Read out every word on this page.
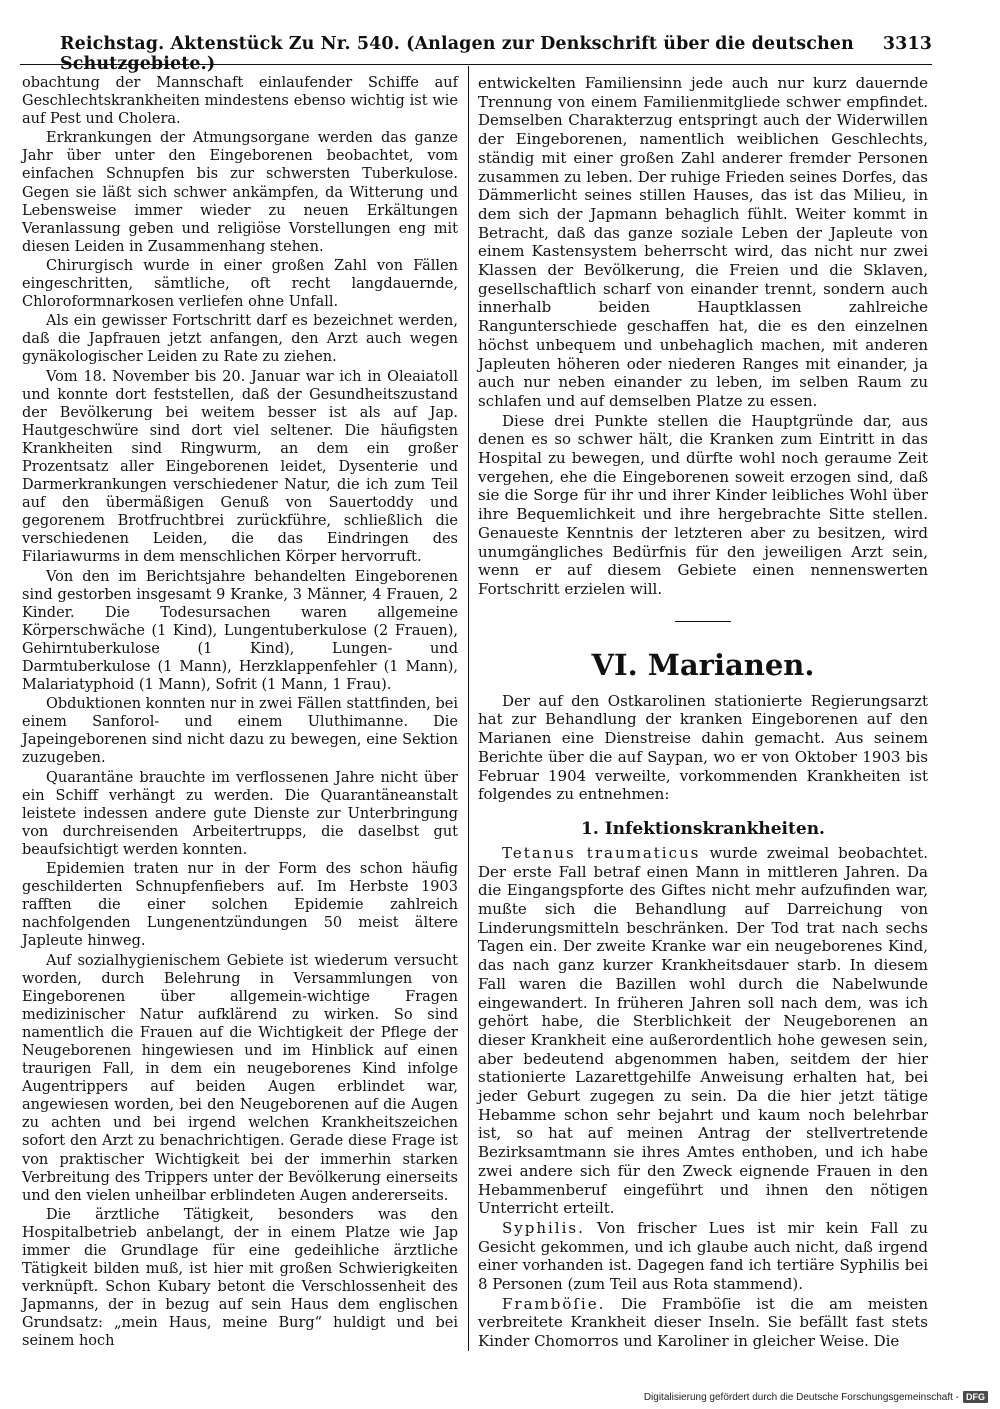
Reichstag. Aktenstück Zu Nr. 540. (Anlagen zur Denkschrift über die deutschen Schutzgebiete.)
3313

obachtung der Mannschaft einlaufender Schiffe auf Geschlechtskrankheiten mindestens ebenso wichtig ist wie auf Pest und Cholera.

Erkrankungen der Atmungsorgane werden das ganze Jahr über unter den Eingeborenen beobachtet, vom einfachen Schnupfen bis zur schwersten Tuberkulose. Gegen sie läßt sich schwer ankämpfen, da Witterung und Lebensweise immer wieder zu neuen Erkältungen Veranlassung geben und religiöse Vorstellungen eng mit diesen Leiden in Zusammenhang stehen.

Chirurgisch wurde in einer großen Zahl von Fällen eingeschritten, sämtliche, oft recht langdauernde, Chloroformnarkosen verliefen ohne Unfall.

Als ein gewisser Fortschritt darf es bezeichnet werden, daß die Japfrauen jetzt anfangen, den Arzt auch wegen gynäkologischer Leiden zu Rate zu ziehen.

Vom 18. November bis 20. Januar war ich in Oleaiatoll und konnte dort feststellen, daß der Gesundheitszustand der Bevölkerung bei weitem besser ist als auf Jap. Hautgeschwüre sind dort viel seltener. Die häufigsten Krankheiten sind Ringwurm, an dem ein großer Prozentsatz aller Eingeborenen leidet, Dysenterie und Darmerkrankungen verschiedener Natur, die ich zum Teil auf den übermäßigen Genuß von Sauertoddy und gegorenem Brotfruchtbrei zurückführe, schließlich die verschiedenen Leiden, die das Eindringen des Filariawurms in dem menschlichen Körper hervorruft.

Von den im Berichtsjahre behandelten Eingeborenen sind gestorben insgesamt 9 Kranke, 3 Männer, 4 Frauen, 2 Kinder. Die Todesursachen waren allgemeine Körperschwäche (1 Kind), Lungentuberkulose (2 Frauen), Gehirntuberkulose (1 Kind), Lungen- und Darmtuberkulose (1 Mann), Herzklappenfehler (1 Mann), Malariatyphoid (1 Mann), Sofrit (1 Mann, 1 Frau).

Obduktionen konnten nur in zwei Fällen stattfinden, bei einem Sanforol- und einem Uluthimanne. Die Japeingeborenen sind nicht dazu zu bewegen, eine Sektion zuzugeben.

Quarantäne brauchte im verflossenen Jahre nicht über ein Schiff verhängt zu werden. Die Quarantäneanstalt leistete indessen andere gute Dienste zur Unterbringung von durchreisenden Arbeitertrupps, die daselbst gut beaufsichtigt werden konnten.

Epidemien traten nur in der Form des schon häufig geschilderten Schnupfenfiebers auf. Im Herbste 1903 rafften die einer solchen Epidemie zahlreich nachfolgenden Lungenentzündungen 50 meist ältere Japleute hinweg.

Auf sozialhygienischem Gebiete ist wiederum versucht worden, durch Belehrung in Versammlungen von Eingeborenen über allgemein-wichtige Fragen medizinischer Natur aufklärend zu wirken. So sind namentlich die Frauen auf die Wichtigkeit der Pflege der Neugeborenen hingewiesen und im Hinblick auf einen traurigen Fall, in dem ein neugeborenes Kind infolge Augentrippers auf beiden Augen erblindet war, angewiesen worden, bei den Neugeborenen auf die Augen zu achten und bei irgend welchen Krankheitszeichen sofort den Arzt zu benachrichtigen. Gerade diese Frage ist von praktischer Wichtigkeit bei der immerhin starken Verbreitung des Trippers unter der Bevölkerung einerseits und den vielen unheilbar erblindeten Augen andererseits.

Die ärztliche Tätigkeit, besonders was den Hospitalbetrieb anbelangt, der in einem Platze wie Jap immer die Grundlage für eine gedeihliche ärztliche Tätigkeit bilden muß, ist hier mit großen Schwierigkeiten verknüpft. Schon Kubary betont die Verschlossenheit des Japmanns, der in bezug auf sein Haus dem englischen Grundsatz: „mein Haus, meine Burg“ huldigt und bei seinem hoch

entwickelten Familiensinn jede auch nur kurz dauernde Trennung von einem Familienmitgliede schwer empfindet. Demselben Charakterzug entspringt auch der Widerwillen der Eingeborenen, namentlich weiblichen Geschlechts, ständig mit einer großen Zahl anderer fremder Personen zusammen zu leben. Der ruhige Frieden seines Dorfes, das Dämmerlicht seines stillen Hauses, das ist das Milieu, in dem sich der Japmann behaglich fühlt. Weiter kommt in Betracht, daß das ganze soziale Leben der Japleute von einem Kastensystem beherrscht wird, das nicht nur zwei Klassen der Bevölkerung, die Freien und die Sklaven, gesellschaftlich scharf von einander trennt, sondern auch innerhalb beiden Hauptklassen zahlreiche Rangunterschiede geschaffen hat, die es den einzelnen höchst unbequem und unbehaglich machen, mit anderen Japleuten höheren oder niederen Ranges mit einander, ja auch nur neben einander zu leben, im selben Raum zu schlafen und auf demselben Platze zu essen.

Diese drei Punkte stellen die Hauptgründe dar, aus denen es so schwer hält, die Kranken zum Eintritt in das Hospital zu bewegen, und dürfte wohl noch geraume Zeit vergehen, ehe die Eingeborenen soweit erzogen sind, daß sie die Sorge für ihr und ihrer Kinder leibliches Wohl über ihre Bequemlichkeit und ihre hergebrachte Sitte stellen. Genaueste Kenntnis der letzteren aber zu besitzen, wird unumgängliches Bedürfnis für den jeweiligen Arzt sein, wenn er auf diesem Gebiete einen nennenswerten Fortschritt erzielen will.

VI. Marianen.

Der auf den Ostkarolinen stationierte Regierungsarzt hat zur Behandlung der kranken Eingeborenen auf den Marianen eine Dienstreise dahin gemacht. Aus seinem Berichte über die auf Saypan, wo er von Oktober 1903 bis Februar 1904 verweilte, vorkommenden Krankheiten ist folgendes zu entnehmen:

1. Infektionskrankheiten.

Tetanus traumaticus wurde zweimal beobachtet. Der erste Fall betraf einen Mann in mittleren Jahren. Da die Eingangspforte des Giftes nicht mehr aufzufinden war, mußte sich die Behandlung auf Darreichung von Linderungsmitteln beschränken. Der Tod trat nach sechs Tagen ein. Der zweite Kranke war ein neugeborenes Kind, das nach ganz kurzer Krankheitsdauer starb. In diesem Fall waren die Bazillen wohl durch die Nabelwunde eingewandert. In früheren Jahren soll nach dem, was ich gehört habe, die Sterblichkeit der Neugeborenen an dieser Krankheit eine außerordentlich hohe gewesen sein, aber bedeutend abgenommen haben, seitdem der hier stationierte Lazarettgehilfe Anweisung erhalten hat, bei jeder Geburt zugegen zu sein. Da die hier jetzt tätige Hebamme schon sehr bejahrt und kaum noch belehrbar ist, so hat auf meinen Antrag der stellvertretende Bezirksamtmann sie ihres Amtes enthoben, und ich habe zwei andere sich für den Zweck eignende Frauen in den Hebammenberuf eingeführt und ihnen den nötigen Unterricht erteilt.

Syphilis. Von frischer Lues ist mir kein Fall zu Gesicht gekommen, und ich glaube auch nicht, daß irgend einer vorhanden ist. Dagegen fand ich tertiäre Syphilis bei 8 Personen (zum Teil aus Rota stammend).

Framböſie. Die Framböſie ist die am meisten verbreitete Krankheit dieser Inseln. Sie befällt fast stets Kinder Chomorros und Karoliner in gleicher Weise. Die

Digitalisierung gefördert durch die Deutsche Forschungsgemeinschaft - DFG
